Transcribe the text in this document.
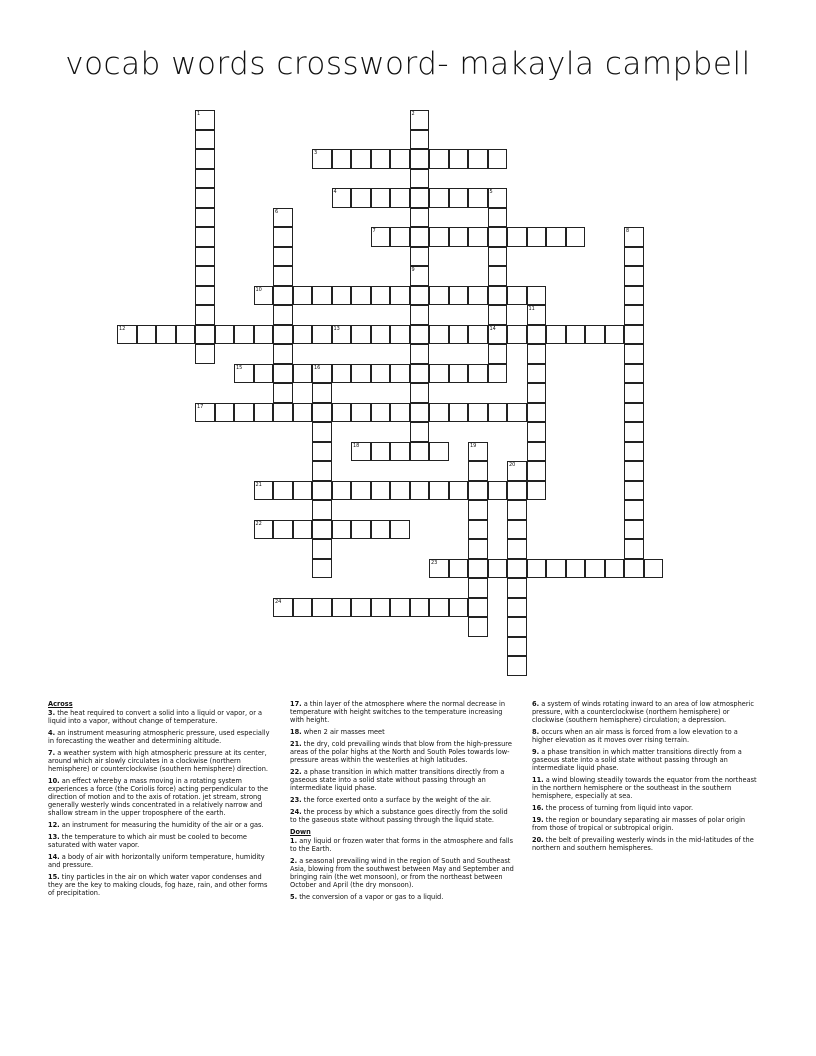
vocab words crossword- makayla campbell
1	2
9
3
4	5
14
6
7	8
10
11
12	13
15	16
17
18	19
20
21
22
23
24
Across
3. the heat required to convert a solid into a liquid or vapor, or a liquid into a vapor, without change of temperature.
4. an instrument measuring atmospheric pressure, used especially in forecasting the weather and determining altitude.
7. a weather system with high atmospheric pressure at its center, around which air slowly circulates in a clockwise (northern hemisphere) or counterclockwise (southern hemisphere) direction.
10. an effect whereby a mass moving in a rotating system experiences a force (the Coriolis force) acting perpendicular to the direction of motion and to the axis of rotation. jet stream, strong generally westerly winds concentrated in a relatively narrow and shallow stream in the upper troposphere of the earth.
12. an instrument for measuring the humidity of the air or a gas.
13. the temperature to which air must be cooled to become saturated with water vapor.
14. a body of air with horizontally uniform temperature, humidity and pressure.
15. tiny particles in the air on which water vapor condenses and they are the key to making clouds, fog haze, rain, and other forms of precipitation.
17. a thin layer of the atmosphere where the normal decrease in temperature with height switches to the temperature increasing with height.
18. when 2 air masses meet
21. the dry, cold prevailing winds that blow from the high-pressure areas of the polar highs at the North and South Poles towards low-pressure areas within the westerlies at high latitudes.
22. a phase transition in which matter transitions directly from a gaseous state into a solid state without passing through an intermediate liquid phase.
23. the force exerted onto a surface by the weight of the air.
24. the process by which a substance goes directly from the solid to the gaseous state without passing through the liquid state.
Down
1. any liquid or frozen water that forms in the atmosphere and falls to the Earth.
2. a seasonal prevailing wind in the region of South and Southeast Asia, blowing from the southwest between May and September and bringing rain (the wet monsoon), or from the northeast between October and April (the dry monsoon).
5. the conversion of a vapor or gas to a liquid.
6. a system of winds rotating inward to an area of low atmospheric pressure, with a counterclockwise (northern hemisphere) or clockwise (southern hemisphere) circulation; a depression.
8. occurs when an air mass is forced from a low elevation to a higher elevation as it moves over rising terrain.
9. a phase transition in which matter transitions directly from a gaseous state into a solid state without passing through an intermediate liquid phase.
11. a wind blowing steadily towards the equator from the northeast in the northern hemisphere or the southeast in the southern hemisphere, especially at sea.
16. the process of turning from liquid into vapor.
19. the region or boundary separating air masses of polar origin from those of tropical or subtropical origin.
20. the belt of prevailing westerly winds in the mid-latitudes of the northern and southern hemispheres.
